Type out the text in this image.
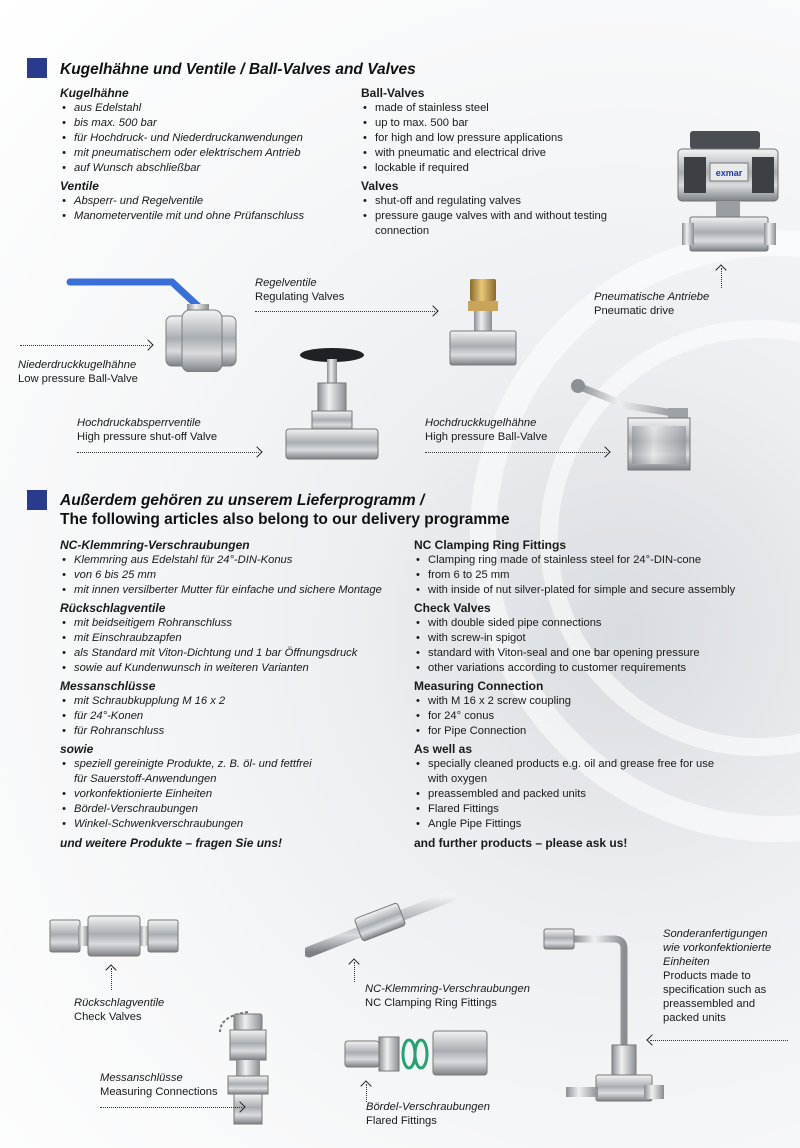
Kugelhähne und Ventile / Ball-Valves and Valves
Kugelhähne
• aus Edelstahl
• bis max. 500 bar
• für Hochdruck- und Niederdruckanwendungen
• mit pneumatischem oder elektrischem Antrieb
• auf Wunsch abschließbar
Ventile
• Absperr- und Regelventile
• Manometerventile mit und ohne Prüfanschluss
Ball-Valves
• made of stainless steel
• up to max. 500 bar
• for high and low pressure applications
• with pneumatic and electrical drive
• lockable if required
Valves
• shut-off and regulating valves
• pressure gauge valves with and without testing connection
exmar
Pneumatische Antriebe
Pneumatic drive
Regelventile
Regulating Valves
Niederdruckkugelhähne
Low pressure Ball-Valve
Hochdruckabsperrventile
High pressure shut-off Valve
Hochdruckkugelhähne
High pressure Ball-Valve
Außerdem gehören zu unserem Lieferprogramm /
The following articles also belong to our delivery programme
NC-Klemmring-Verschraubungen
• Klemmring aus Edelstahl für 24°-DIN-Konus
• von 6 bis 25 mm
• mit innen versilberter Mutter für einfache und sichere Montage
Rückschlagventile
• mit beidseitigem Rohranschluss
• mit Einschraubzapfen
• als Standard mit Viton-Dichtung und 1 bar Öffnungsdruck
• sowie auf Kundenwunsch in weiteren Varianten
Messanschlüsse
• mit Schraubkupplung M 16 x 2
• für 24°-Konen
• für Rohranschluss
sowie
• speziell gereinigte Produkte, z. B. öl- und fettfrei für Sauerstoff-Anwendungen
• vorkonfektionierte Einheiten
• Bördel-Verschraubungen
• Winkel-Schwenkverschraubungen
und weitere Produkte – fragen Sie uns!
NC Clamping Ring Fittings
• Clamping ring made of stainless steel for 24°-DIN-cone
• from 6 to 25 mm
• with inside of nut silver-plated for simple and secure assembly
Check Valves
• with double sided pipe connections
• with screw-in spigot
• standard with Viton-seal and one bar opening pressure
• other variations according to customer requirements
Measuring Connection
• with M 16 x 2 screw coupling
• for 24° conus
• for Pipe Connection
As well as
• specially cleaned products e.g. oil and grease free for use with oxygen
• preassembled and packed units
• Flared Fittings
• Angle Pipe Fittings
and further products – please ask us!
Rückschlagventile
Check Valves
NC-Klemmring-Verschraubungen
NC Clamping Ring Fittings
Sonderanfertigungen
wie vorkonfektionierte
Einheiten
Products made to
specification such as
preassembled and
packed units
Bördel-Verschraubungen
Flared Fittings
Messanschlüsse
Measuring Connections
